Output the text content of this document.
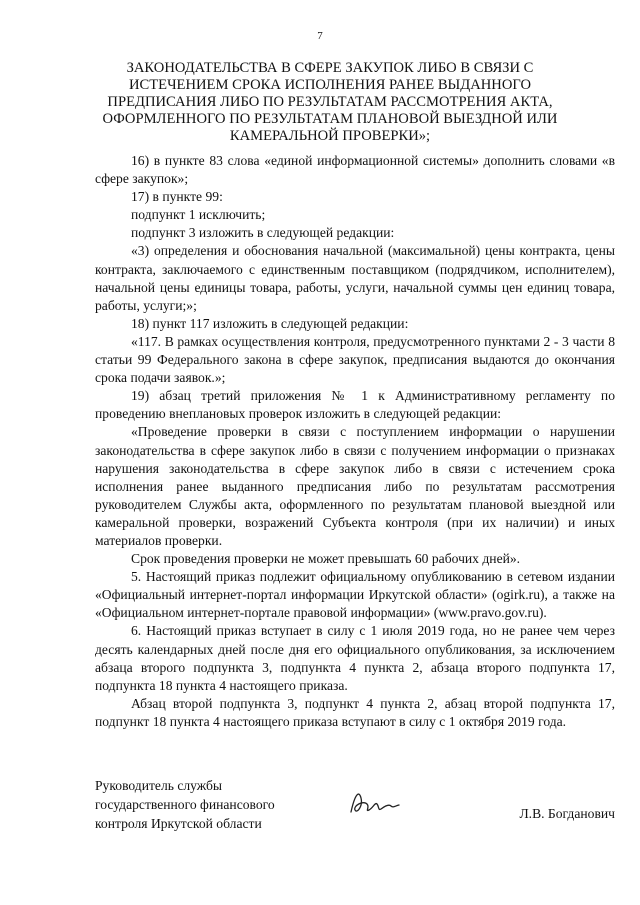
7
ЗАКОНОДАТЕЛЬСТВА В СФЕРЕ ЗАКУПОК ЛИБО В СВЯЗИ С ИСТЕЧЕНИЕМ СРОКА ИСПОЛНЕНИЯ РАНЕЕ ВЫДАННОГО ПРЕДПИСАНИЯ ЛИБО ПО РЕЗУЛЬТАТАМ РАССМОТРЕНИЯ АКТА, ОФОРМЛЕННОГО ПО РЕЗУЛЬТАТАМ ПЛАНОВОЙ ВЫЕЗДНОЙ ИЛИ КАМЕРАЛЬНОЙ ПРОВЕРКИ»;

16) в пункте 83 слова «единой информационной системы» дополнить словами «в сфере закупок»;

17) в пункте 99:

подпункт 1 исключить;

подпункт 3 изложить в следующей редакции:

«3) определения и обоснования начальной (максимальной) цены контракта, цены контракта, заключаемого с единственным поставщиком (подрядчиком, исполнителем), начальной цены единицы товара, работы, услуги, начальной суммы цен единиц товара, работы, услуги;»;

18) пункт 117 изложить в следующей редакции:

«117. В рамках осуществления контроля, предусмотренного пунктами 2 - 3 части 8 статьи 99 Федерального закона в сфере закупок, предписания выдаются до окончания срока подачи заявок.»;

19) абзац третий приложения № 1 к Административному регламенту по проведению внеплановых проверок изложить в следующей редакции:

«Проведение проверки в связи с поступлением информации о нарушении законодательства в сфере закупок либо в связи с получением информации о признаках нарушения законодательства в сфере закупок либо в связи с истечением срока исполнения ранее выданного предписания либо по результатам рассмотрения руководителем Службы акта, оформленного по результатам плановой выездной или камеральной проверки, возражений Субъекта контроля (при их наличии) и иных материалов проверки.

Срок проведения проверки не может превышать 60 рабочих дней».

5. Настоящий приказ подлежит официальному опубликованию в сетевом издании «Официальный интернет-портал информации Иркутской области» (ogirk.ru), а также на «Официальном интернет-портале правовой информации» (www.pravo.gov.ru).

6. Настоящий приказ вступает в силу с 1 июля 2019 года, но не ранее чем через десять календарных дней после дня его официального опубликования, за исключением абзаца второго подпункта 3, подпункта 4 пункта 2, абзаца второго подпункта 17, подпункта 18 пункта 4 настоящего приказа.

Абзац второй подпункта 3, подпункт 4 пункта 2, абзац второй подпункта 17, подпункт 18 пункта 4 настоящего приказа вступают в силу с 1 октября 2019 года.

Руководитель службы
государственного финансового
контроля Иркутской области
Л.В. Богданович
